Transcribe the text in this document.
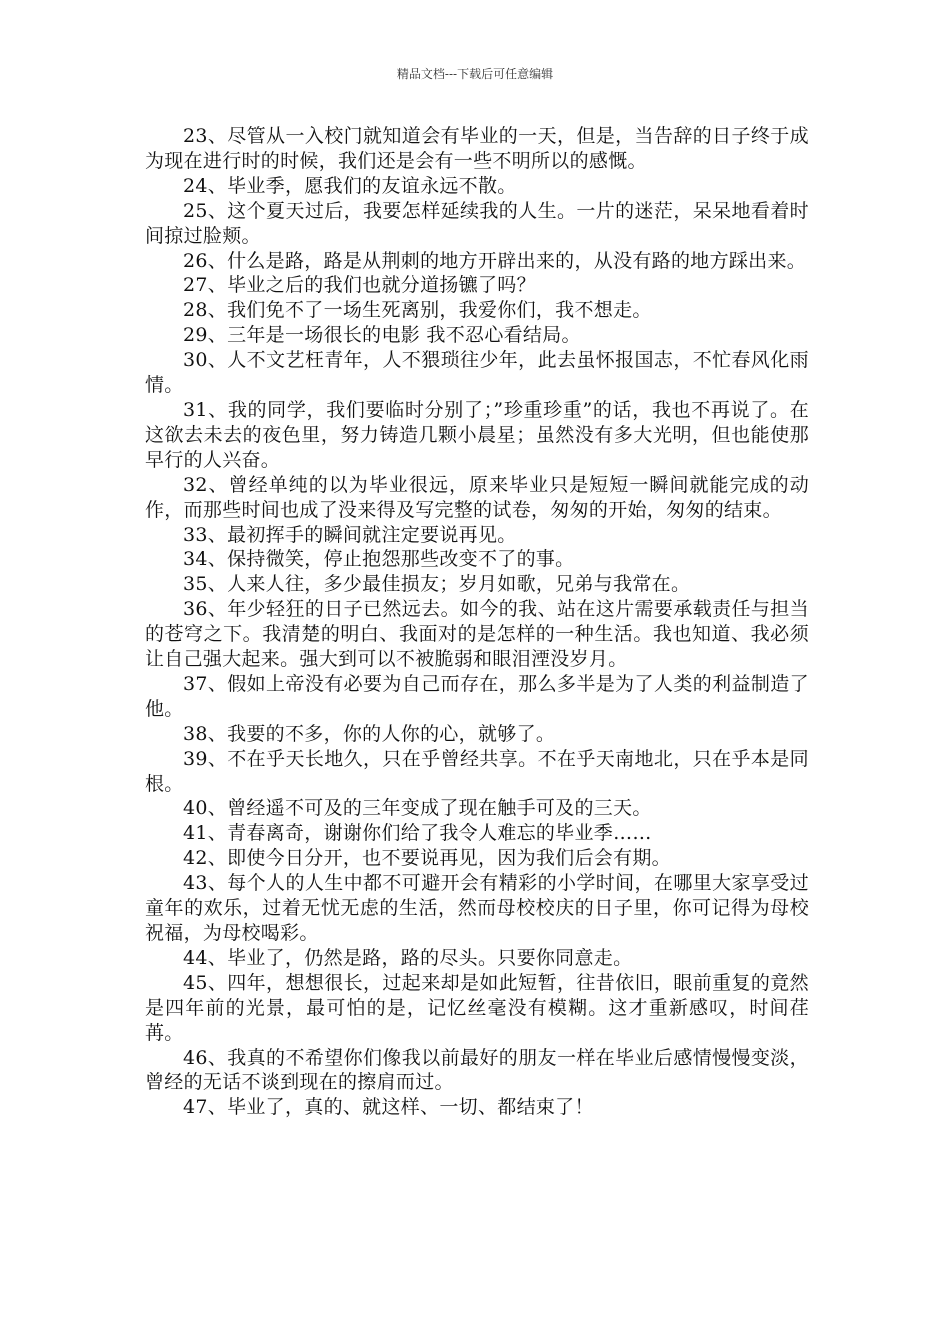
精品文档---下载后可任意编辑

23、尽管从一入校门就知道会有毕业的一天，但是，当告辞的日子终于成为现在进行时的时候，我们还是会有一些不明所以的感慨。

24、毕业季，愿我们的友谊永远不散。

25、这个夏天过后，我要怎样延续我的人生。一片的迷茫，呆呆地看着时间掠过脸颊。

26、什么是路，路是从荆刺的地方开辟出来的，从没有路的地方踩出来。

27、毕业之后的我们也就分道扬镳了吗？

28、我们免不了一场生死离别，我爱你们，我不想走。

29、三年是一场很长的电影 我不忍心看结局。

30、人不文艺枉青年，人不猥琐往少年，此去虽怀报国志，不忙春风化雨情。

31、我的同学，我们要临时分别了；”珍重珍重”的话，我也不再说了。在这欲去未去的夜色里，努力铸造几颗小晨星；虽然没有多大光明，但也能使那早行的人兴奋。

32、曾经单纯的以为毕业很远，原来毕业只是短短一瞬间就能完成的动作，而那些时间也成了没来得及写完整的试卷，匆匆的开始，匆匆的结束。

33、最初挥手的瞬间就注定要说再见。

34、保持微笑，停止抱怨那些改变不了的事。

35、人来人往，多少最佳损友；岁月如歌，兄弟与我常在。

36、年少轻狂的日子已然远去。如今的我、站在这片需要承载责任与担当的苍穹之下。我清楚的明白、我面对的是怎样的一种生活。我也知道、我必须让自己强大起来。强大到可以不被脆弱和眼泪湮没岁月。

37、假如上帝没有必要为自己而存在，那么多半是为了人类的利益制造了他。

38、我要的不多，你的人你的心，就够了。

39、不在乎天长地久，只在乎曾经共享。不在乎天南地北，只在乎本是同根。

40、曾经遥不可及的三年变成了现在触手可及的三天。

41、青春离奇，谢谢你们给了我令人难忘的毕业季……

42、即使今日分开，也不要说再见，因为我们后会有期。

43、每个人的人生中都不可避开会有精彩的小学时间，在哪里大家享受过童年的欢乐，过着无忧无虑的生活，然而母校校庆的日子里，你可记得为母校祝福，为母校喝彩。

44、毕业了，仍然是路，路的尽头。只要你同意走。

45、四年，想想很长，过起来却是如此短暂，往昔依旧，眼前重复的竟然是四年前的光景，最可怕的是，记忆丝毫没有模糊。这才重新感叹，时间荏苒。

46、我真的不希望你们像我以前最好的朋友一样在毕业后感情慢慢变淡，曾经的无话不谈到现在的擦肩而过。

47、毕业了，真的、就这样、一切、都结束了！
